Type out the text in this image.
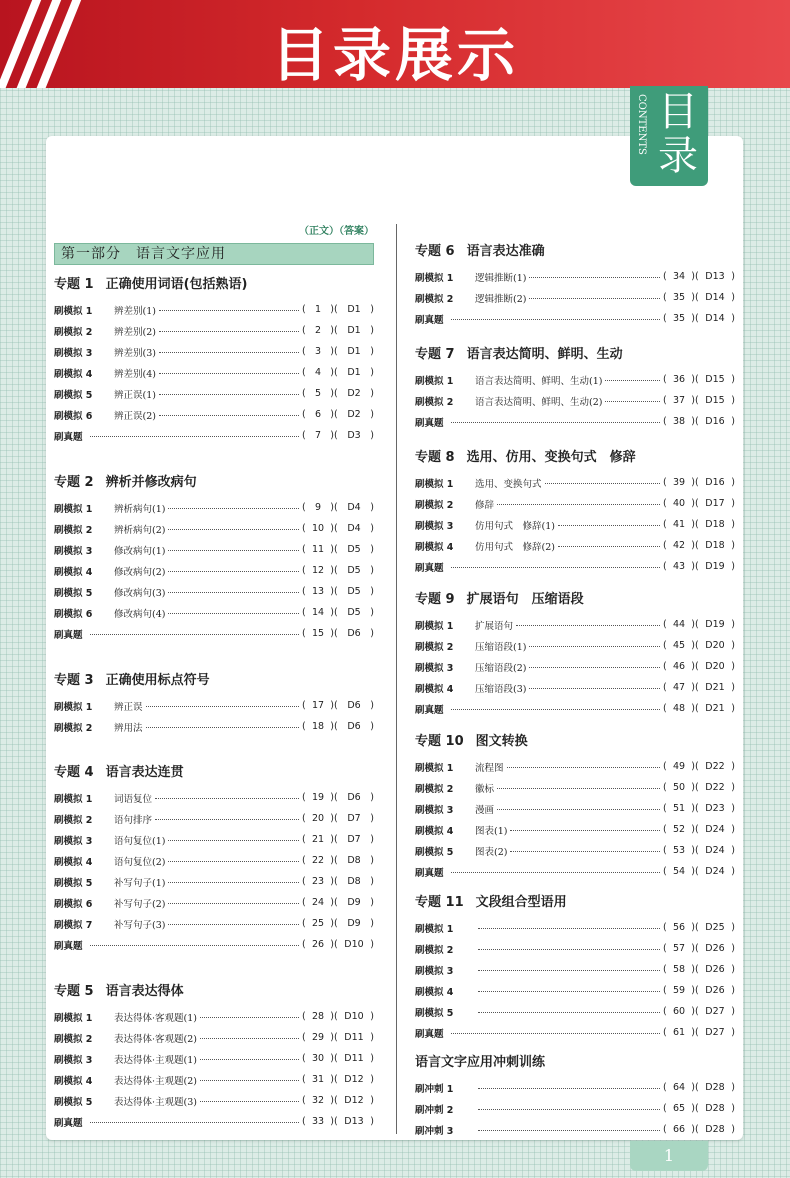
目录展示
CONTENTS 目录
（正文）（答案）
第一部分　语言文字应用
专题 1 正确使用词语(包括熟语)
刷模拟 1	辨差别(1)	( 1 ) ( D1 )
刷模拟 2	辨差别(2)	( 2 ) ( D1 )
刷模拟 3	辨差别(3)	( 3 ) ( D1 )
刷模拟 4	辨差别(4)	( 4 ) ( D1 )
刷模拟 5	辨正误(1)	( 5 ) ( D2 )
刷模拟 6	辨正误(2)	( 6 ) ( D2 )
刷真题	( 7 ) ( D3 )
专题 2 辨析并修改病句
刷模拟 1	辨析病句(1)	( 9 ) ( D4 )
刷模拟 2	辨析病句(2)	( 10 ) ( D4 )
刷模拟 3	修改病句(1)	( 11 ) ( D5 )
刷模拟 4	修改病句(2)	( 12 ) ( D5 )
刷模拟 5	修改病句(3)	( 13 ) ( D5 )
刷模拟 6	修改病句(4)	( 14 ) ( D5 )
刷真题	( 15 ) ( D6 )
专题 3 正确使用标点符号
刷模拟 1	辨正误	( 17 ) ( D6 )
刷模拟 2	辨用法	( 18 ) ( D6 )
专题 4 语言表达连贯
刷模拟 1	词语复位	( 19 ) ( D6 )
刷模拟 2	语句排序	( 20 ) ( D7 )
刷模拟 3	语句复位(1)	( 21 ) ( D7 )
刷模拟 4	语句复位(2)	( 22 ) ( D8 )
刷模拟 5	补写句子(1)	( 23 ) ( D8 )
刷模拟 6	补写句子(2)	( 24 ) ( D9 )
刷模拟 7	补写句子(3)	( 25 ) ( D9 )
刷真题	( 26 ) ( D10 )
专题 5 语言表达得体
刷模拟 1	表达得体·客观题(1)	( 28 ) ( D10 )
刷模拟 2	表达得体·客观题(2)	( 29 ) ( D11 )
刷模拟 3	表达得体·主观题(1)	( 30 ) ( D11 )
刷模拟 4	表达得体·主观题(2)	( 31 ) ( D12 )
刷模拟 5	表达得体·主观题(3)	( 32 ) ( D12 )
刷真题	( 33 ) ( D13 )
专题 6 语言表达准确
刷模拟 1	逻辑推断(1)	( 34 ) ( D13 )
刷模拟 2	逻辑推断(2)	( 35 ) ( D14 )
刷真题	( 35 ) ( D14 )
专题 7 语言表达简明、鲜明、生动
刷模拟 1	语言表达简明、鲜明、生动(1)	( 36 ) ( D15 )
刷模拟 2	语言表达简明、鲜明、生动(2)	( 37 ) ( D15 )
刷真题	( 38 ) ( D16 )
专题 8 选用、仿用、变换句式　修辞
刷模拟 1	选用、变换句式	( 39 ) ( D16 )
刷模拟 2	修辞	( 40 ) ( D17 )
刷模拟 3	仿用句式　修辞(1)	( 41 ) ( D18 )
刷模拟 4	仿用句式　修辞(2)	( 42 ) ( D18 )
刷真题	( 43 ) ( D19 )
专题 9 扩展语句　压缩语段
刷模拟 1	扩展语句	( 44 ) ( D19 )
刷模拟 2	压缩语段(1)	( 45 ) ( D20 )
刷模拟 3	压缩语段(2)	( 46 ) ( D20 )
刷模拟 4	压缩语段(3)	( 47 ) ( D21 )
刷真题	( 48 ) ( D21 )
专题 10 图文转换
刷模拟 1	流程图	( 49 ) ( D22 )
刷模拟 2	徽标	( 50 ) ( D22 )
刷模拟 3	漫画	( 51 ) ( D23 )
刷模拟 4	图表(1)	( 52 ) ( D24 )
刷模拟 5	图表(2)	( 53 ) ( D24 )
刷真题	( 54 ) ( D24 )
专题 11 文段组合型语用
刷模拟 1	( 56 ) ( D25 )
刷模拟 2	( 57 ) ( D26 )
刷模拟 3	( 58 ) ( D26 )
刷模拟 4	( 59 ) ( D26 )
刷模拟 5	( 60 ) ( D27 )
刷真题	( 61 ) ( D27 )
语言文字应用冲刺训练
刷冲刺 1	( 64 ) ( D28 )
刷冲刺 2	( 65 ) ( D28 )
刷冲刺 3	( 66 ) ( D28 )
1
